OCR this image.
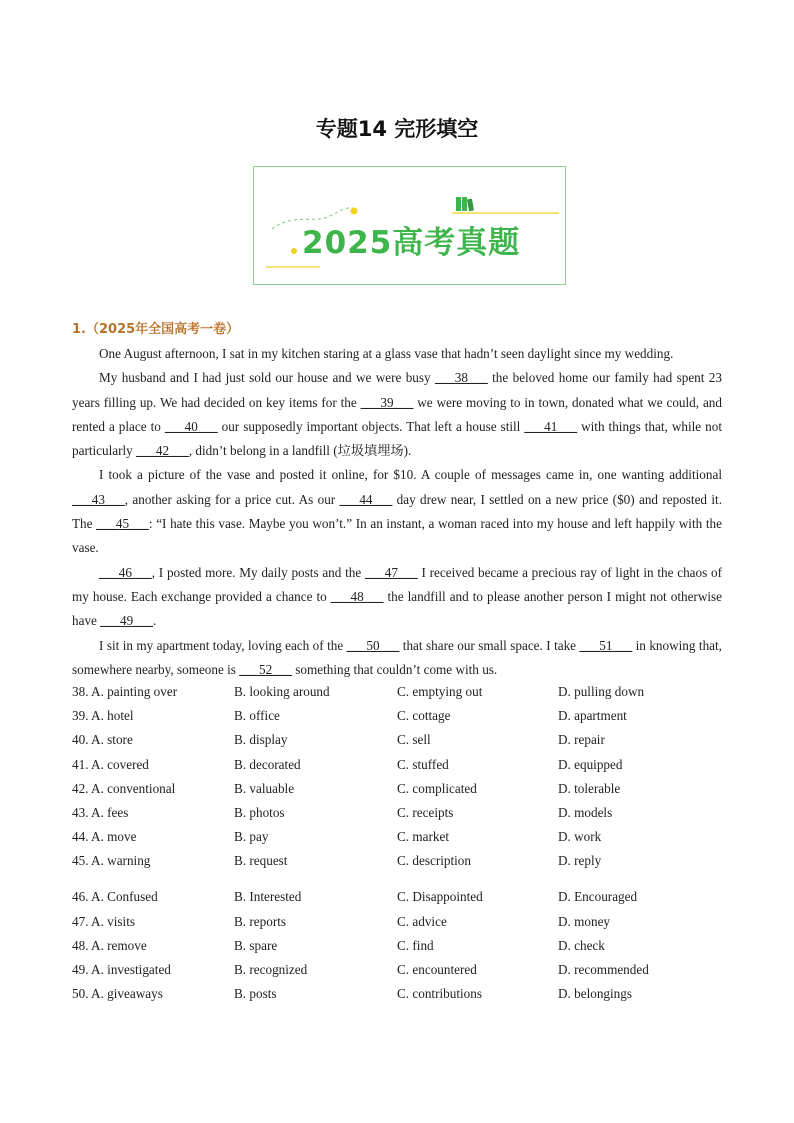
专题14 完形填空
2025高考真题
1.（2025年全国高考一卷）

One August afternoon, I sat in my kitchen staring at a glass vase that hadn’t seen daylight since my wedding.

My husband and I had just sold our house and we were busy ___38___ the beloved home our family had spent 23 years filling up. We had decided on key items for the ___39___ we were moving to in town, donated what we could, and rented a place to ___40___ our supposedly important objects. That left a house still ___41___ with things that, while not particularly ___42___, didn’t belong in a landfill (垃圾填埋场).

I took a picture of the vase and posted it online, for $10. A couple of messages came in, one wanting additional ___43___, another asking for a price cut. As our ___44___ day drew near, I settled on a new price ($0) and reposted it. The ___45___: “I hate this vase. Maybe you won’t.” In an instant, a woman raced into my house and left happily with the vase.

___46___, I posted more. My daily posts and the ___47___ I received became a precious ray of light in the chaos of my house. Each exchange provided a chance to ___48___ the landfill and to please another person I might not otherwise have ___49___.

I sit in my apartment today, loving each of the ___50___ that share our small space. I take ___51___ in knowing that, somewhere nearby, someone is ___52___ something that couldn’t come with us.

38. A. painting over	B. looking around	C. emptying out	D. pulling down
39. A. hotel	B. office	C. cottage	D. apartment
40. A. store	B. display	C. sell	D. repair
41. A. covered	B. decorated	C. stuffed	D. equipped
42. A. conventional	B. valuable	C. complicated	D. tolerable
43. A. fees	B. photos	C. receipts	D. models
44. A. move	B. pay	C. market	D. work
45. A. warning	B. request	C. description	D. reply
46. A. Confused	B. Interested	C. Disappointed	D. Encouraged
47. A. visits	B. reports	C. advice	D. money
48. A. remove	B. spare	C. find	D. check
49. A. investigated	B. recognized	C. encountered	D. recommended
50. A. giveaways	B. posts	C. contributions	D. belongings
